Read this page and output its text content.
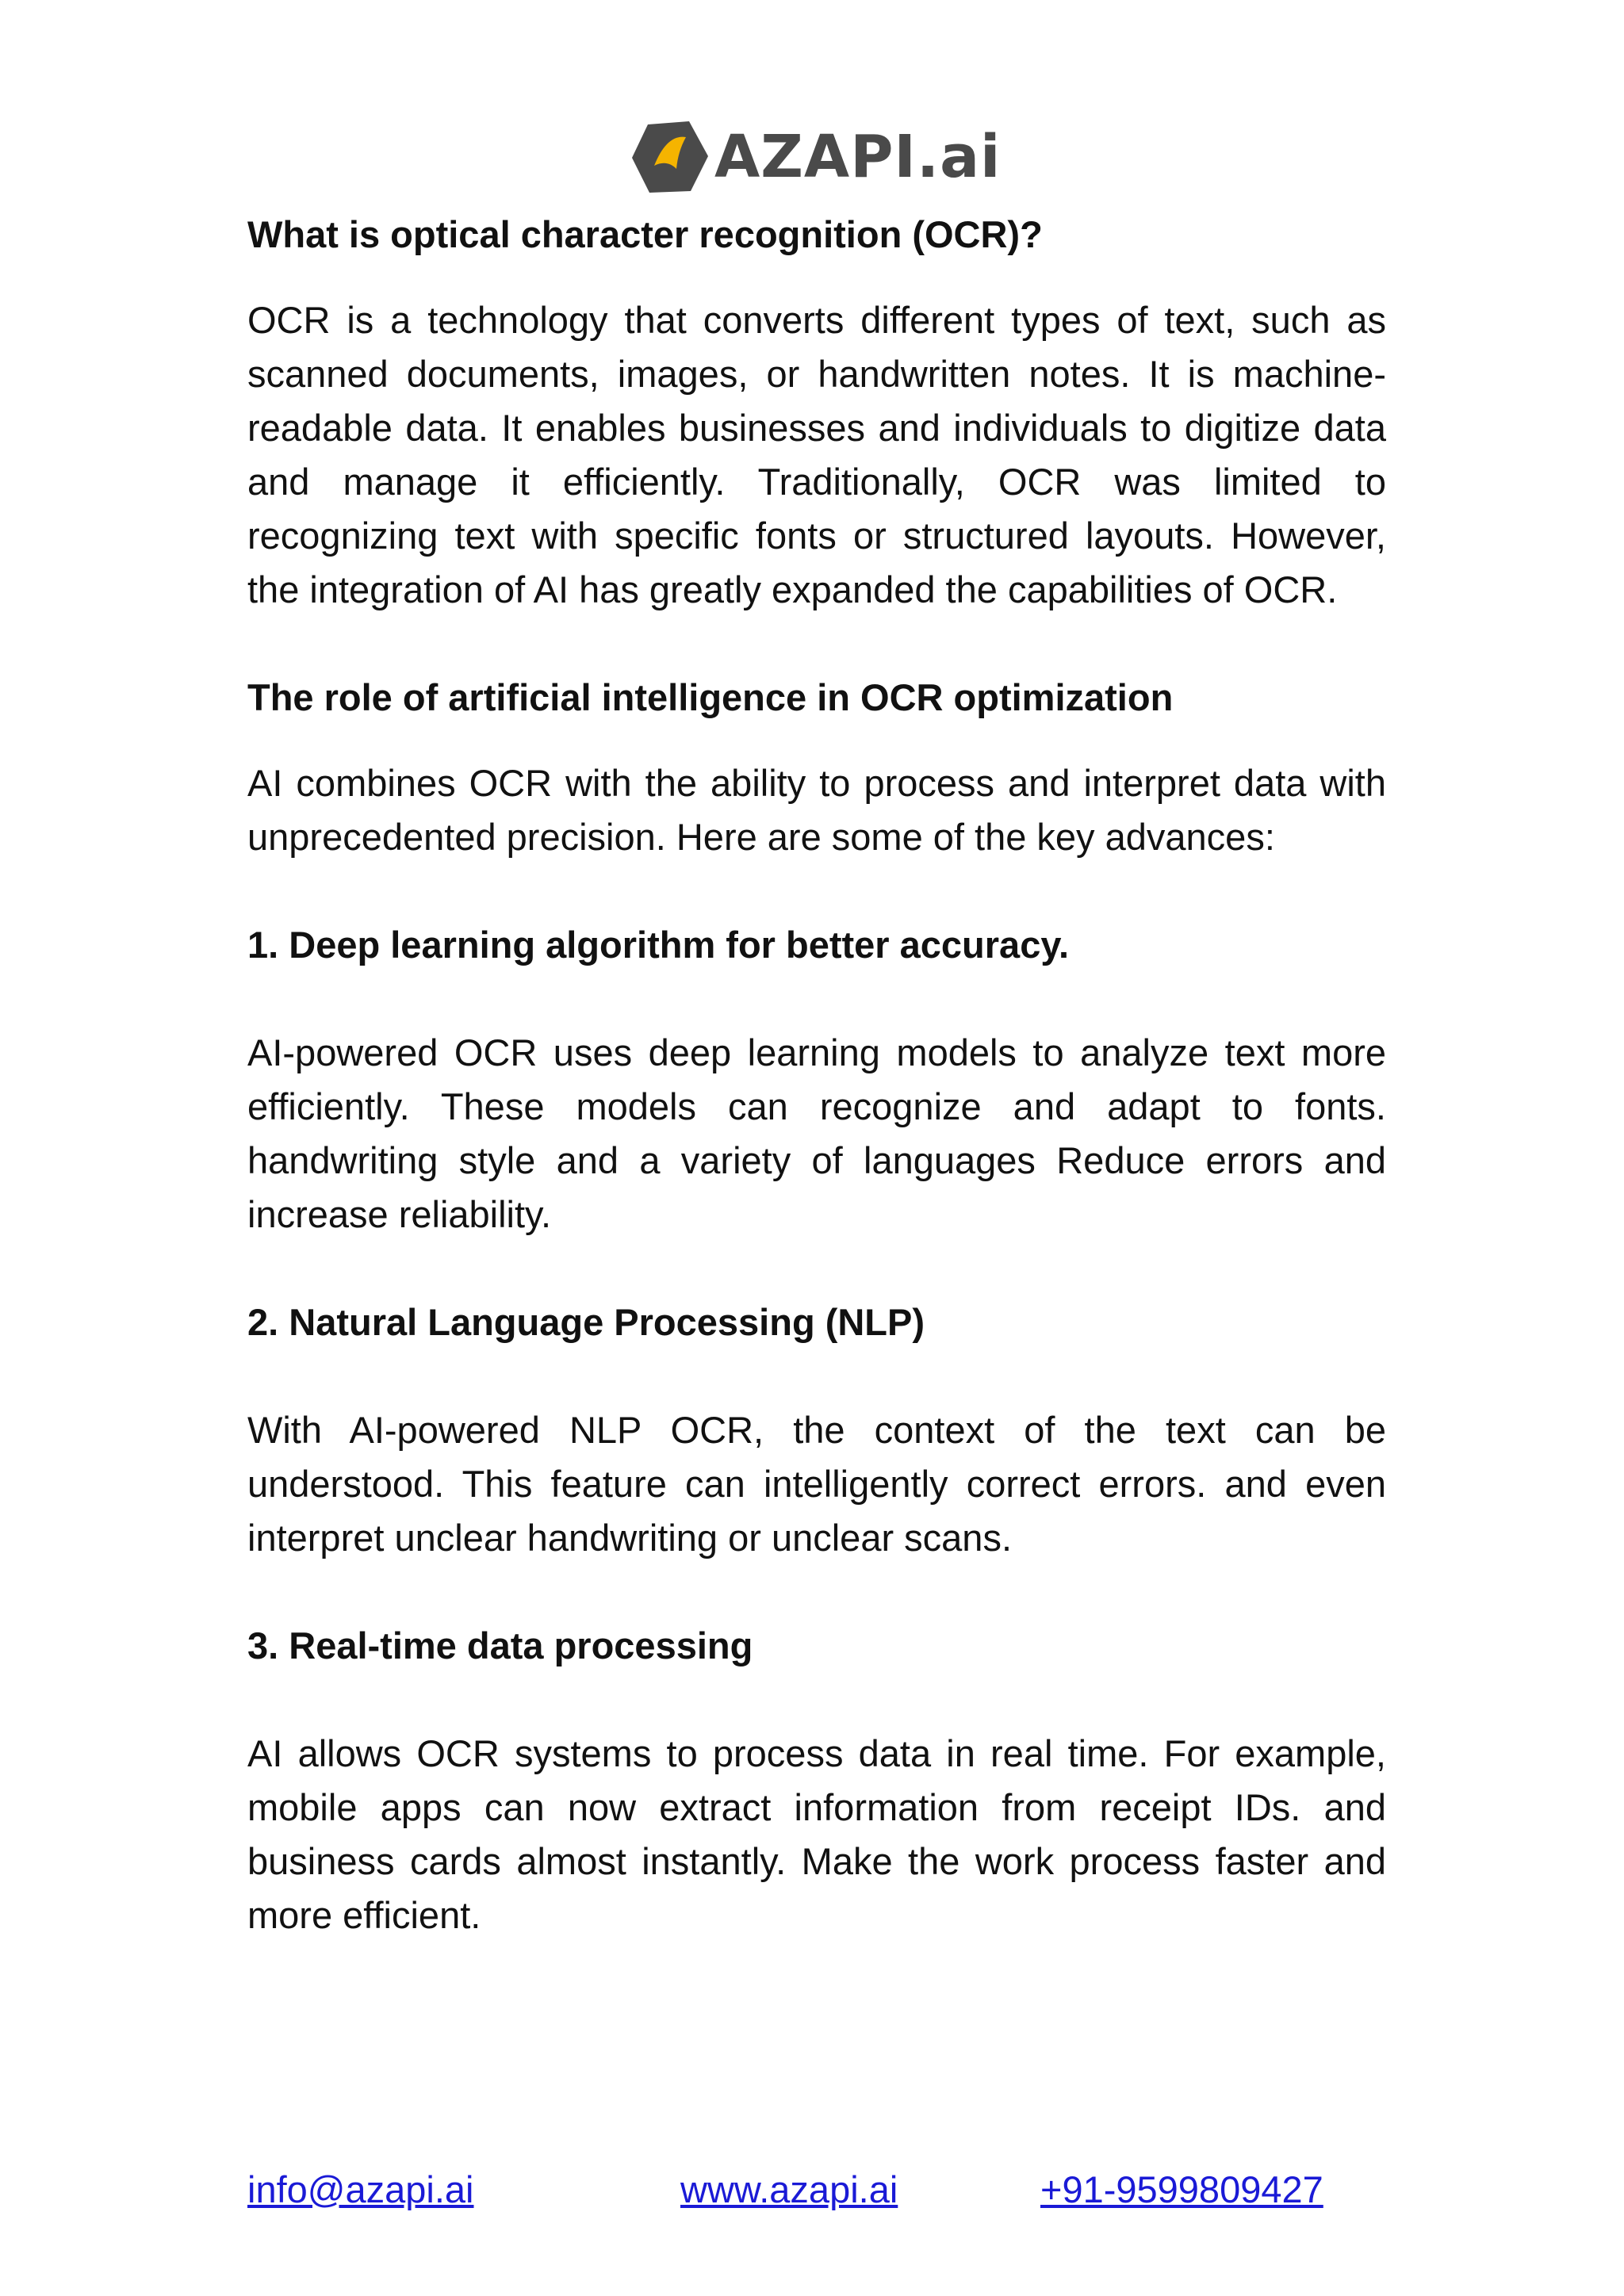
AZAPI.ai
What is optical character recognition (OCR)?

OCR is a technology that converts different types of text, such as scanned documents, images, or handwritten notes. It is machine-readable data. It enables businesses and individuals to digitize data and manage it efficiently. Traditionally, OCR was limited to recognizing text with specific fonts or structured layouts. However, the integration of AI has greatly expanded the capabilities of OCR.

The role of artificial intelligence in OCR optimization

AI combines OCR with the ability to process and interpret data with unprecedented precision. Here are some of the key advances:

1. Deep learning algorithm for better accuracy.

AI-powered OCR uses deep learning models to analyze text more efficiently. These models can recognize and adapt to fonts. handwriting style and a variety of languages Reduce errors and increase reliability.

2. Natural Language Processing (NLP)

With AI-powered NLP OCR, the context of the text can be understood. This feature can intelligently correct errors. and even interpret unclear handwriting or unclear scans.

3. Real-time data processing

AI allows OCR systems to process data in real time. For example, mobile apps can now extract information from receipt IDs. and business cards almost instantly. Make the work process faster and more efficient.

info@azapi.ai	www.azapi.ai	+91-9599809427
